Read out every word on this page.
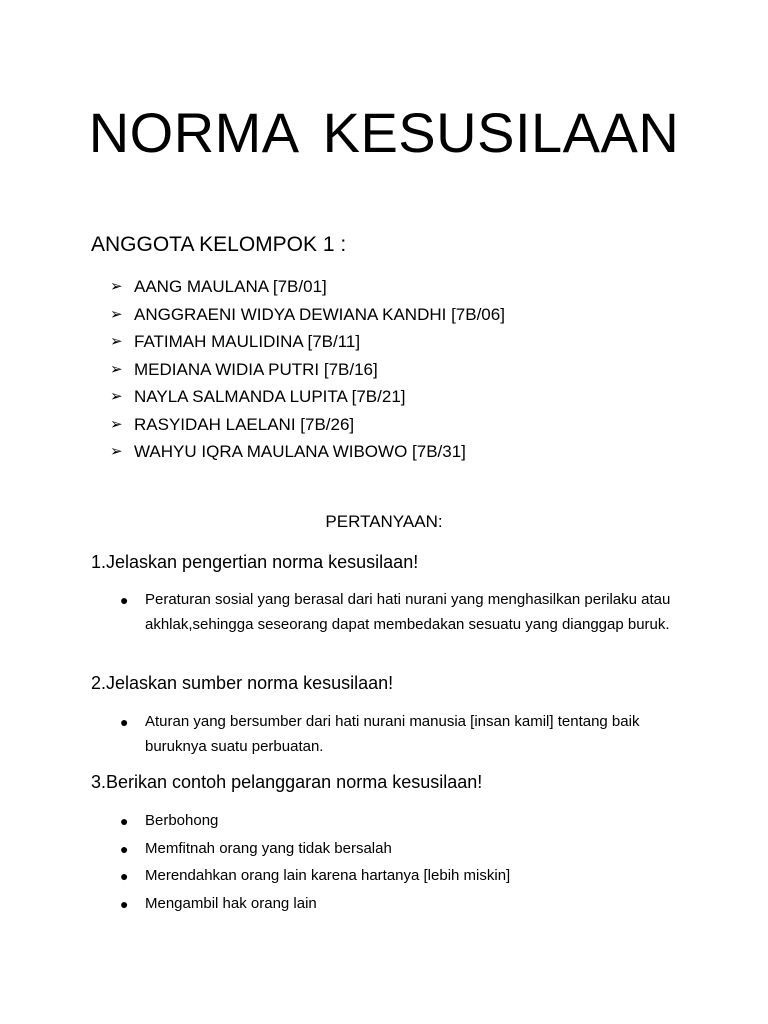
NORMA KESUSILAAN
ANGGOTA KELOMPOK 1 :
➢ AANG MAULANA [7B/01]
➢ ANGGRAENI WIDYA DEWIANA KANDHI [7B/06]
➢ FATIMAH MAULIDINA [7B/11]
➢ MEDIANA WIDIA PUTRI [7B/16]
➢ NAYLA SALMANDA LUPITA [7B/21]
➢ RASYIDAH LAELANI [7B/26]
➢ WAHYU IQRA MAULANA WIBOWO [7B/31]
PERTANYAAN:
1.Jelaskan pengertian norma kesusilaan!
●	Peraturan sosial yang berasal dari hati nurani yang menghasilkan perilaku atau akhlak,sehingga seseorang dapat membedakan sesuatu yang dianggap buruk.
2.Jelaskan sumber norma kesusilaan!
●	Aturan yang bersumber dari hati nurani manusia [insan kamil] tentang baik buruknya suatu perbuatan.
3.Berikan contoh pelanggaran norma kesusilaan!
●	Berbohong
●	Memfitnah orang yang tidak bersalah
●	Merendahkan orang lain karena hartanya [lebih miskin]
●	Mengambil hak orang lain
